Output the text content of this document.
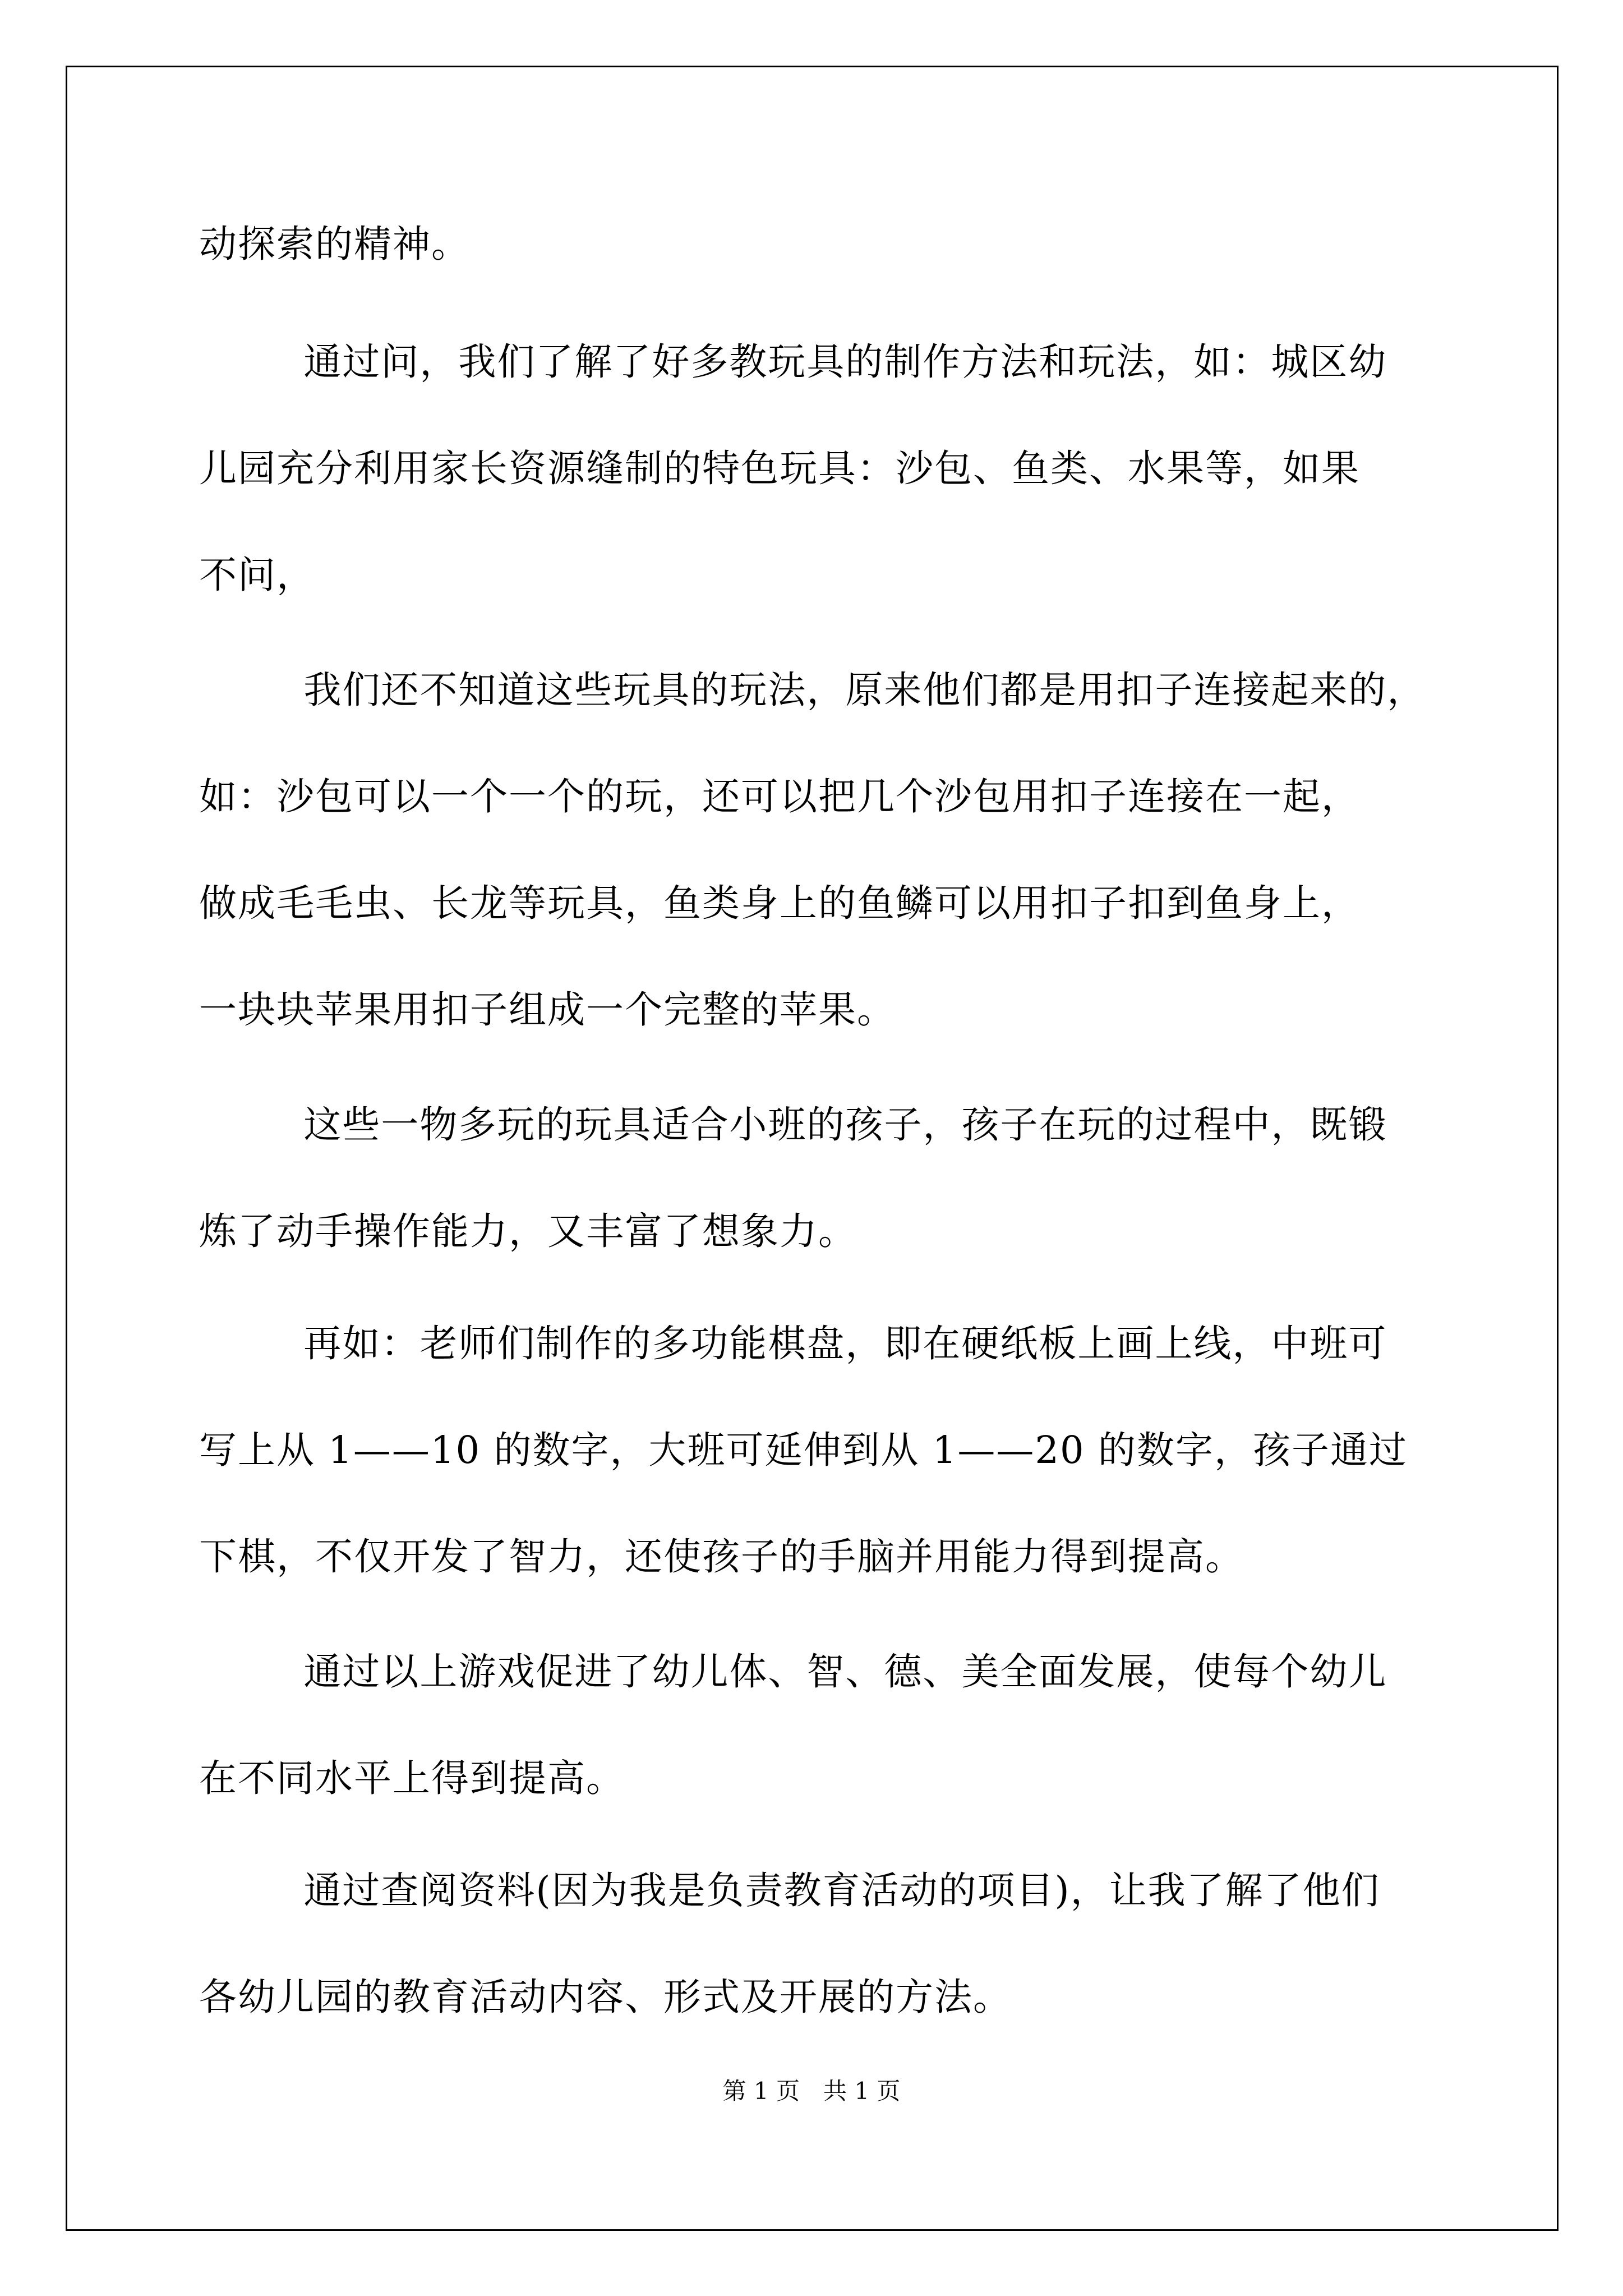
动探索的精神。
通过问，我们了解了好多教玩具的制作方法和玩法，如：城区幼
儿园充分利用家长资源缝制的特色玩具：沙包、鱼类、水果等，如果
不问，
我们还不知道这些玩具的玩法，原来他们都是用扣子连接起来的，
如：沙包可以一个一个的玩，还可以把几个沙包用扣子连接在一起，
做成毛毛虫、长龙等玩具，鱼类身上的鱼鳞可以用扣子扣到鱼身上，
一块块苹果用扣子组成一个完整的苹果。
这些一物多玩的玩具适合小班的孩子，孩子在玩的过程中，既锻
炼了动手操作能力，又丰富了想象力。
再如：老师们制作的多功能棋盘，即在硬纸板上画上线，中班可
写上从 1——10 的数字，大班可延伸到从 1——20 的数字，孩子通过
下棋，不仅开发了智力，还使孩子的手脑并用能力得到提高。
通过以上游戏促进了幼儿体、智、德、美全面发展，使每个幼儿
在不同水平上得到提高。
通过查阅资料(因为我是负责教育活动的项目)，让我了解了他们
各幼儿园的教育活动内容、形式及开展的方法。
第 1 页　共 1 页
